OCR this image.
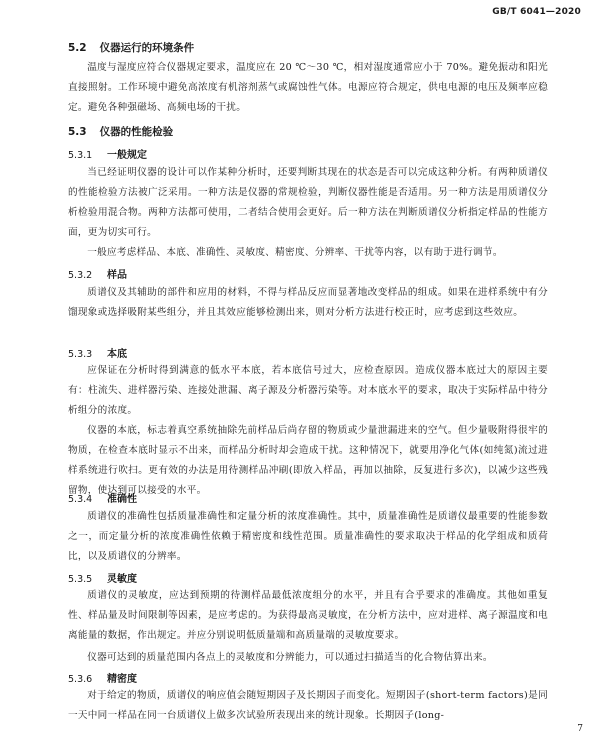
GB/T 6041—2020
5.2 仪器运行的环境条件

温度与湿度应符合仪器规定要求，温度应在 20 ℃～30 ℃，相对湿度通常应小于 70%。避免振动和阳光直接照射。工作环境中避免高浓度有机溶剂蒸气或腐蚀性气体。电源应符合规定，供电电源的电压及频率应稳定。避免各种强磁场、高频电场的干扰。

5.3 仪器的性能检验
5.3.1 一般规定

当已经证明仪器的设计可以作某种分析时，还要判断其现在的状态是否可以完成这种分析。有两种质谱仪的性能检验方法被广泛采用。一种方法是仪器的常规检验，判断仪器性能是否适用。另一种方法是用质谱仪分析检验用混合物。两种方法都可使用，二者结合使用会更好。后一种方法在判断质谱仪分析指定样品的性能方面，更为切实可行。

一般应考虑样品、本底、准确性、灵敏度、精密度、分辨率、干扰等内容，以有助于进行调节。

5.3.2 样品

质谱仪及其辅助的部件和应用的材料，不得与样品反应而显著地改变样品的组成。如果在进样系统中有分馏现象或选择吸附某些组分，并且其效应能够检测出来，则对分析方法进行校正时，应考虑到这些效应。

5.3.3 本底

应保证在分析时得到满意的低水平本底，若本底信号过大，应检查原因。造成仪器本底过大的原因主要有：柱流失、进样器污染、连接处泄漏、离子源及分析器污染等。对本底水平的要求，取决于实际样品中待分析组分的浓度。

仪器的本底，标志着真空系统抽除先前样品后尚存留的物质或少量泄漏进来的空气。但少量吸附得很牢的物质，在检查本底时显示不出来，而样品分析时却会造成干扰。这种情况下，就要用净化气体(如纯氮)流过进样系统进行吹扫。更有效的办法是用待测样品冲刷(即放入样品，再加以抽除，反复进行多次)，以减少这些残留物，使达到可以接受的水平。

5.3.4 准确性

质谱仪的准确性包括质量准确性和定量分析的浓度准确性。其中，质量准确性是质谱仪最重要的性能参数之一，而定量分析的浓度准确性依赖于精密度和线性范围。质量准确性的要求取决于样品的化学组成和质荷比，以及质谱仪的分辨率。

5.3.5 灵敏度

质谱仪的灵敏度，应达到预期的待测样品最低浓度组分的水平，并且有合乎要求的准确度。其他如重复性、样品量及时间限制等因素，是应考虑的。为获得最高灵敏度，在分析方法中，应对进样、离子源温度和电离能量的数据，作出规定。并应分别说明低质量端和高质量端的灵敏度要求。

仪器可达到的质量范围内各点上的灵敏度和分辨能力，可以通过扫描适当的化合物估算出来。

5.3.6 精密度

对于给定的物质，质谱仪的响应值会随短期因子及长期因子而变化。短期因子(short-term factors)是同一天中同一样品在同一台质谱仪上做多次试验所表现出来的统计现象。长期因子(long-

7
